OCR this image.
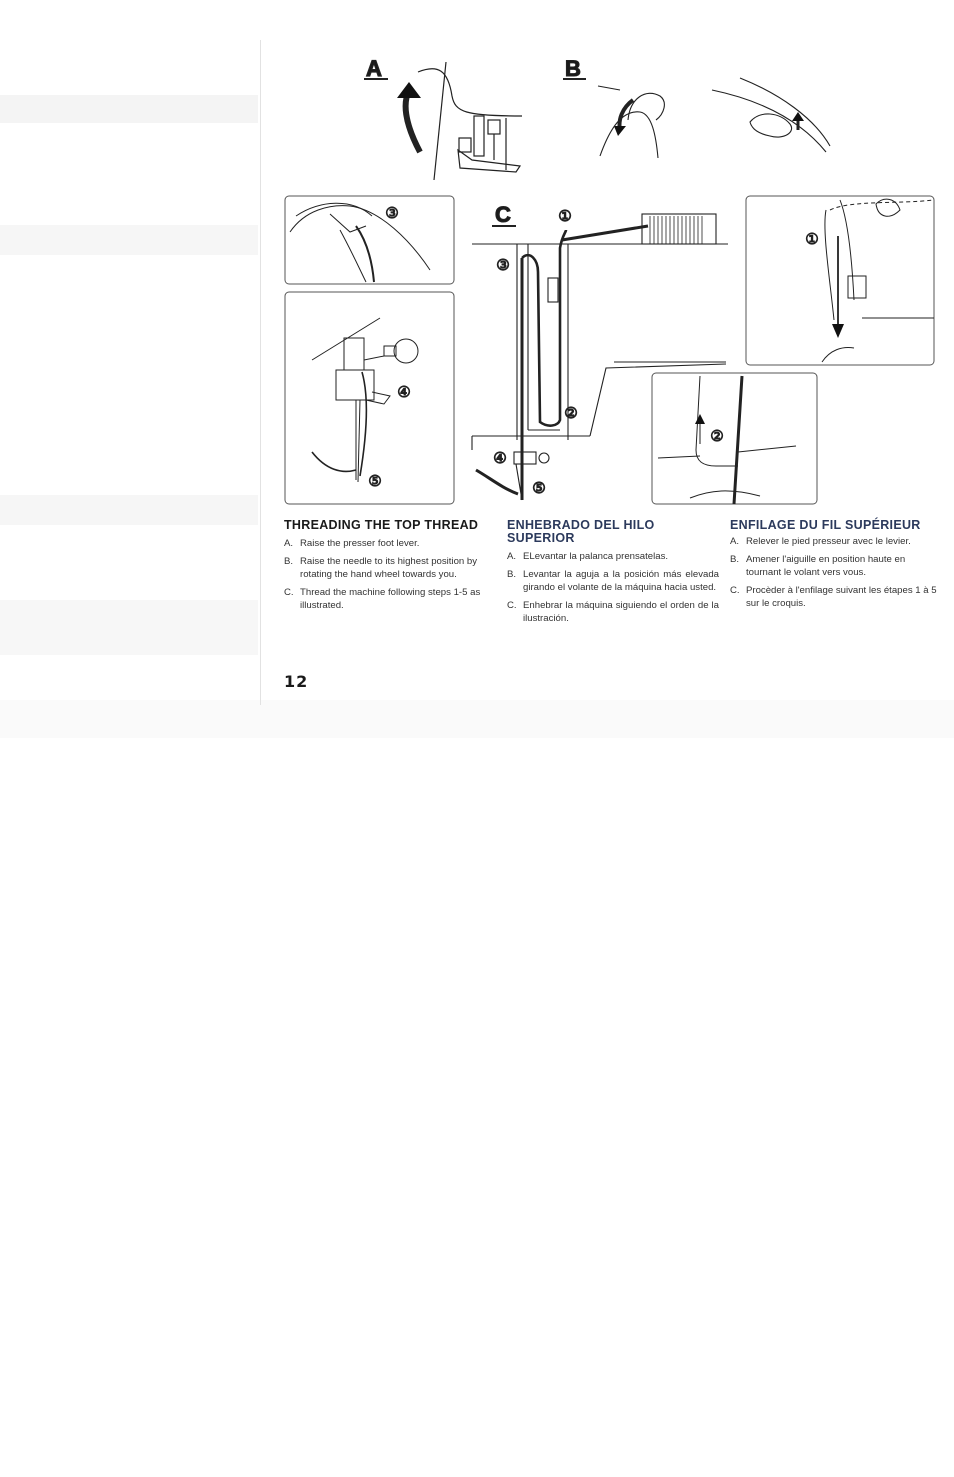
A	B
③
④
⑤
C	①
③
②
④
⑤
①
②
THREADING THE TOP THREAD
A. Raise the presser foot lever.
B. Raise the needle to its highest position by rotating the hand wheel towards you.
C. Thread the machine following steps 1-5 as illustrated.
ENHEBRADO DEL HILO SUPERIOR
A. ELevantar la palanca prensatelas.
B. Levantar la aguja a la posición más elevada girando el volante de la máquina hacia usted.
C. Enhebrar la máquina siguiendo el orden de la ilustración.
ENFILAGE DU FIL SUPÉRIEUR
A. Relever le pied presseur avec le levier.
B. Amener l'aiguille en position haute en tournant le volant vers vous.
C. Procèder à l'enfilage suivant les étapes 1 à 5 sur le croquis.
12
